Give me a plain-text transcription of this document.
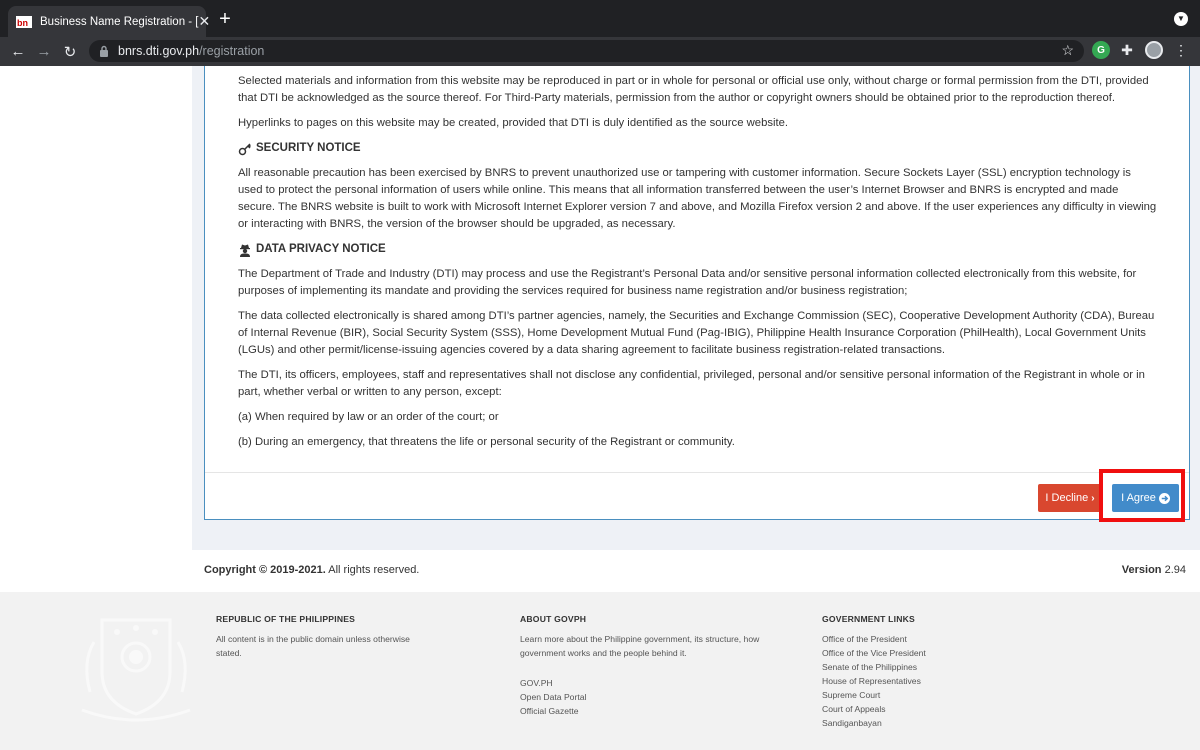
bn Business Name Registration - [ ✕ +	▼
← → ↻	bnrs.dti.gov.ph /registration	☆	G	✚	⋮

Selected materials and information from this website may be reproduced in part or in whole for personal or official use only, without charge or formal permission from the DTI, provided that DTI be acknowledged as the source thereof. For Third-Party materials, permission from the author or copyright owners should be obtained prior to the reproduction thereof.

Hyperlinks to pages on this website may be created, provided that DTI is duly identified as the source website.

SECURITY NOTICE

All reasonable precaution has been exercised by BNRS to prevent unauthorized use or tampering with customer information. Secure Sockets Layer (SSL) encryption technology is used to protect the personal information of users while online. This means that all information transferred between the user’s Internet Browser and BNRS is encrypted and made secure. The BNRS website is built to work with Microsoft Internet Explorer version 7 and above, and Mozilla Firefox version 2 and above. If the user experiences any difficulty in viewing or interacting with BNRS, the version of the browser should be upgraded, as necessary.

DATA PRIVACY NOTICE

The Department of Trade and Industry (DTI) may process and use the Registrant’s Personal Data and/or sensitive personal information collected electronically from this website, for purposes of implementing its mandate and providing the services required for business name registration and/or business registration;

The data collected electronically is shared among DTI’s partner agencies, namely, the Securities and Exchange Commission (SEC), Cooperative Development Authority (CDA), Bureau of Internal Revenue (BIR), Social Security System (SSS), Home Development Mutual Fund (Pag-IBIG), Philippine Health Insurance Corporation (PhilHealth), Local Government Units (LGUs) and other permit/license-issuing agencies covered by a data sharing agreement to facilitate business registration-related transactions.

The DTI, its officers, employees, staff and representatives shall not disclose any confidential, privileged, personal and/or sensitive personal information of the Registrant in whole or in part, whether verbal or written to any person, except:

(a) When required by law or an order of the court; or

(b) During an emergency, that threatens the life or personal security of the Registrant or community.

I Decline › I Agree
Copyright © 2019-2021. All rights reserved.	Version 2.94
REPUBLIC OF THE PHILIPPINES
All content is in the public domain unless otherwise stated.
ABOUT GOVPH
Learn more about the Philippine government, its structure, how government works and the people behind it.
GOV.PH
Open Data Portal
Official Gazette
GOVERNMENT LINKS
Office of the President
Office of the Vice President
Senate of the Philippines
House of Representatives
Supreme Court
Court of Appeals
Sandiganbayan
